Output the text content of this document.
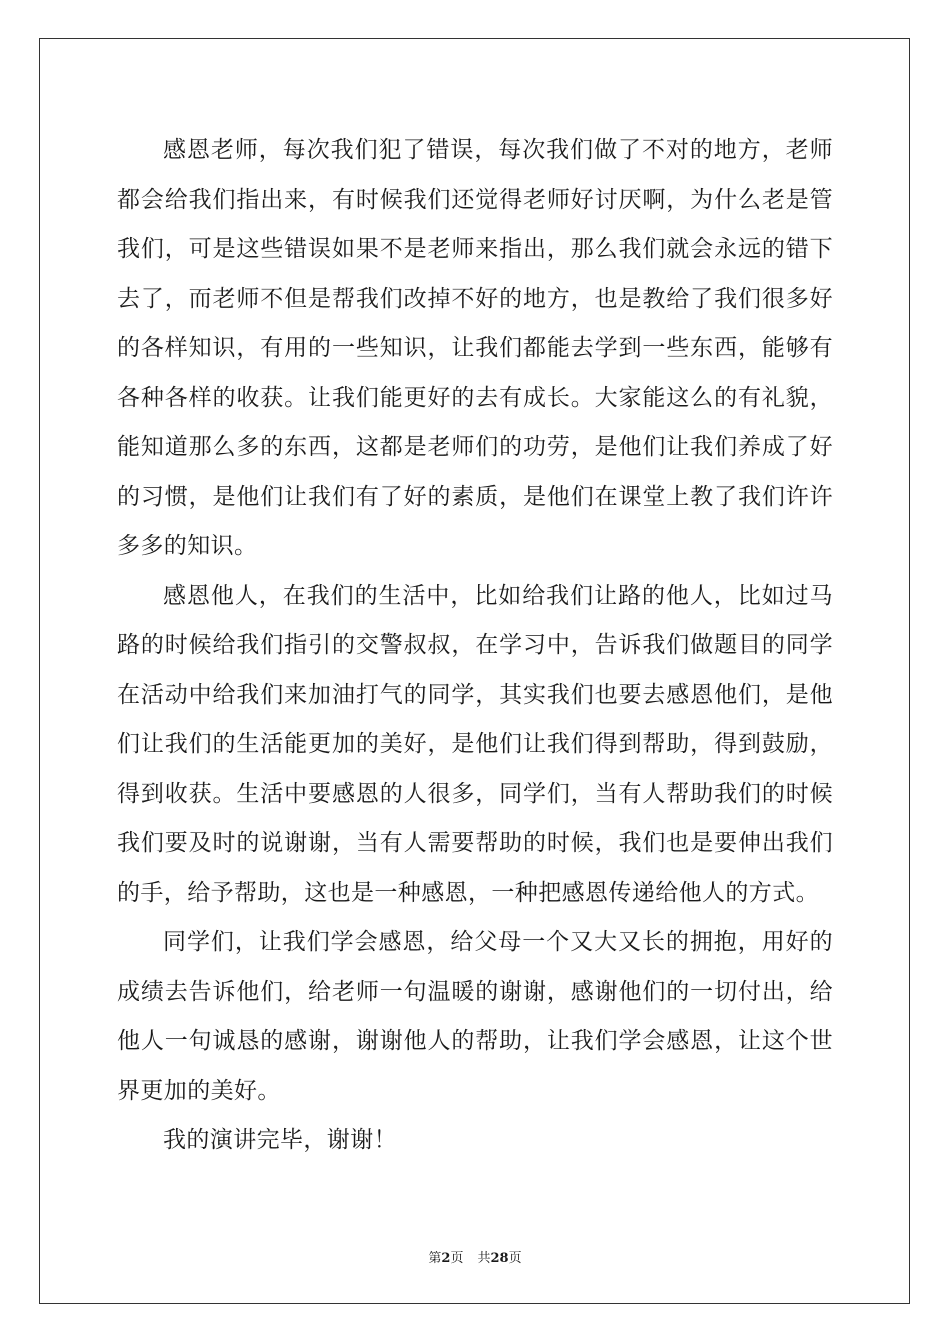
感恩老师，每次我们犯了错误，每次我们做了不对的地方，老师都会给我们指出来，有时候我们还觉得老师好讨厌啊，为什么老是管我们，可是这些错误如果不是老师来指出，那么我们就会永远的错下去了，而老师不但是帮我们改掉不好的地方，也是教给了我们很多好的各样知识，有用的一些知识，让我们都能去学到一些东西，能够有各种各样的收获。让我们能更好的去有成长。大家能这么的有礼貌，能知道那么多的东西，这都是老师们的功劳，是他们让我们养成了好的习惯，是他们让我们有了好的素质，是他们在课堂上教了我们许许多多的知识。

感恩他人，在我们的生活中，比如给我们让路的他人，比如过马路的时候给我们指引的交警叔叔，在学习中，告诉我们做题目的同学在活动中给我们来加油打气的同学，其实我们也要去感恩他们，是他们让我们的生活能更加的美好，是他们让我们得到帮助，得到鼓励，得到收获。生活中要感恩的人很多，同学们，当有人帮助我们的时候我们要及时的说谢谢，当有人需要帮助的时候，我们也是要伸出我们的手，给予帮助，这也是一种感恩，一种把感恩传递给他人的方式。

同学们，让我们学会感恩，给父母一个又大又长的拥抱，用好的成绩去告诉他们，给老师一句温暖的谢谢，感谢他们的一切付出，给他人一句诚恳的感谢，谢谢他人的帮助，让我们学会感恩，让这个世界更加的美好。

我的演讲完毕，谢谢！

第2页 共28页
